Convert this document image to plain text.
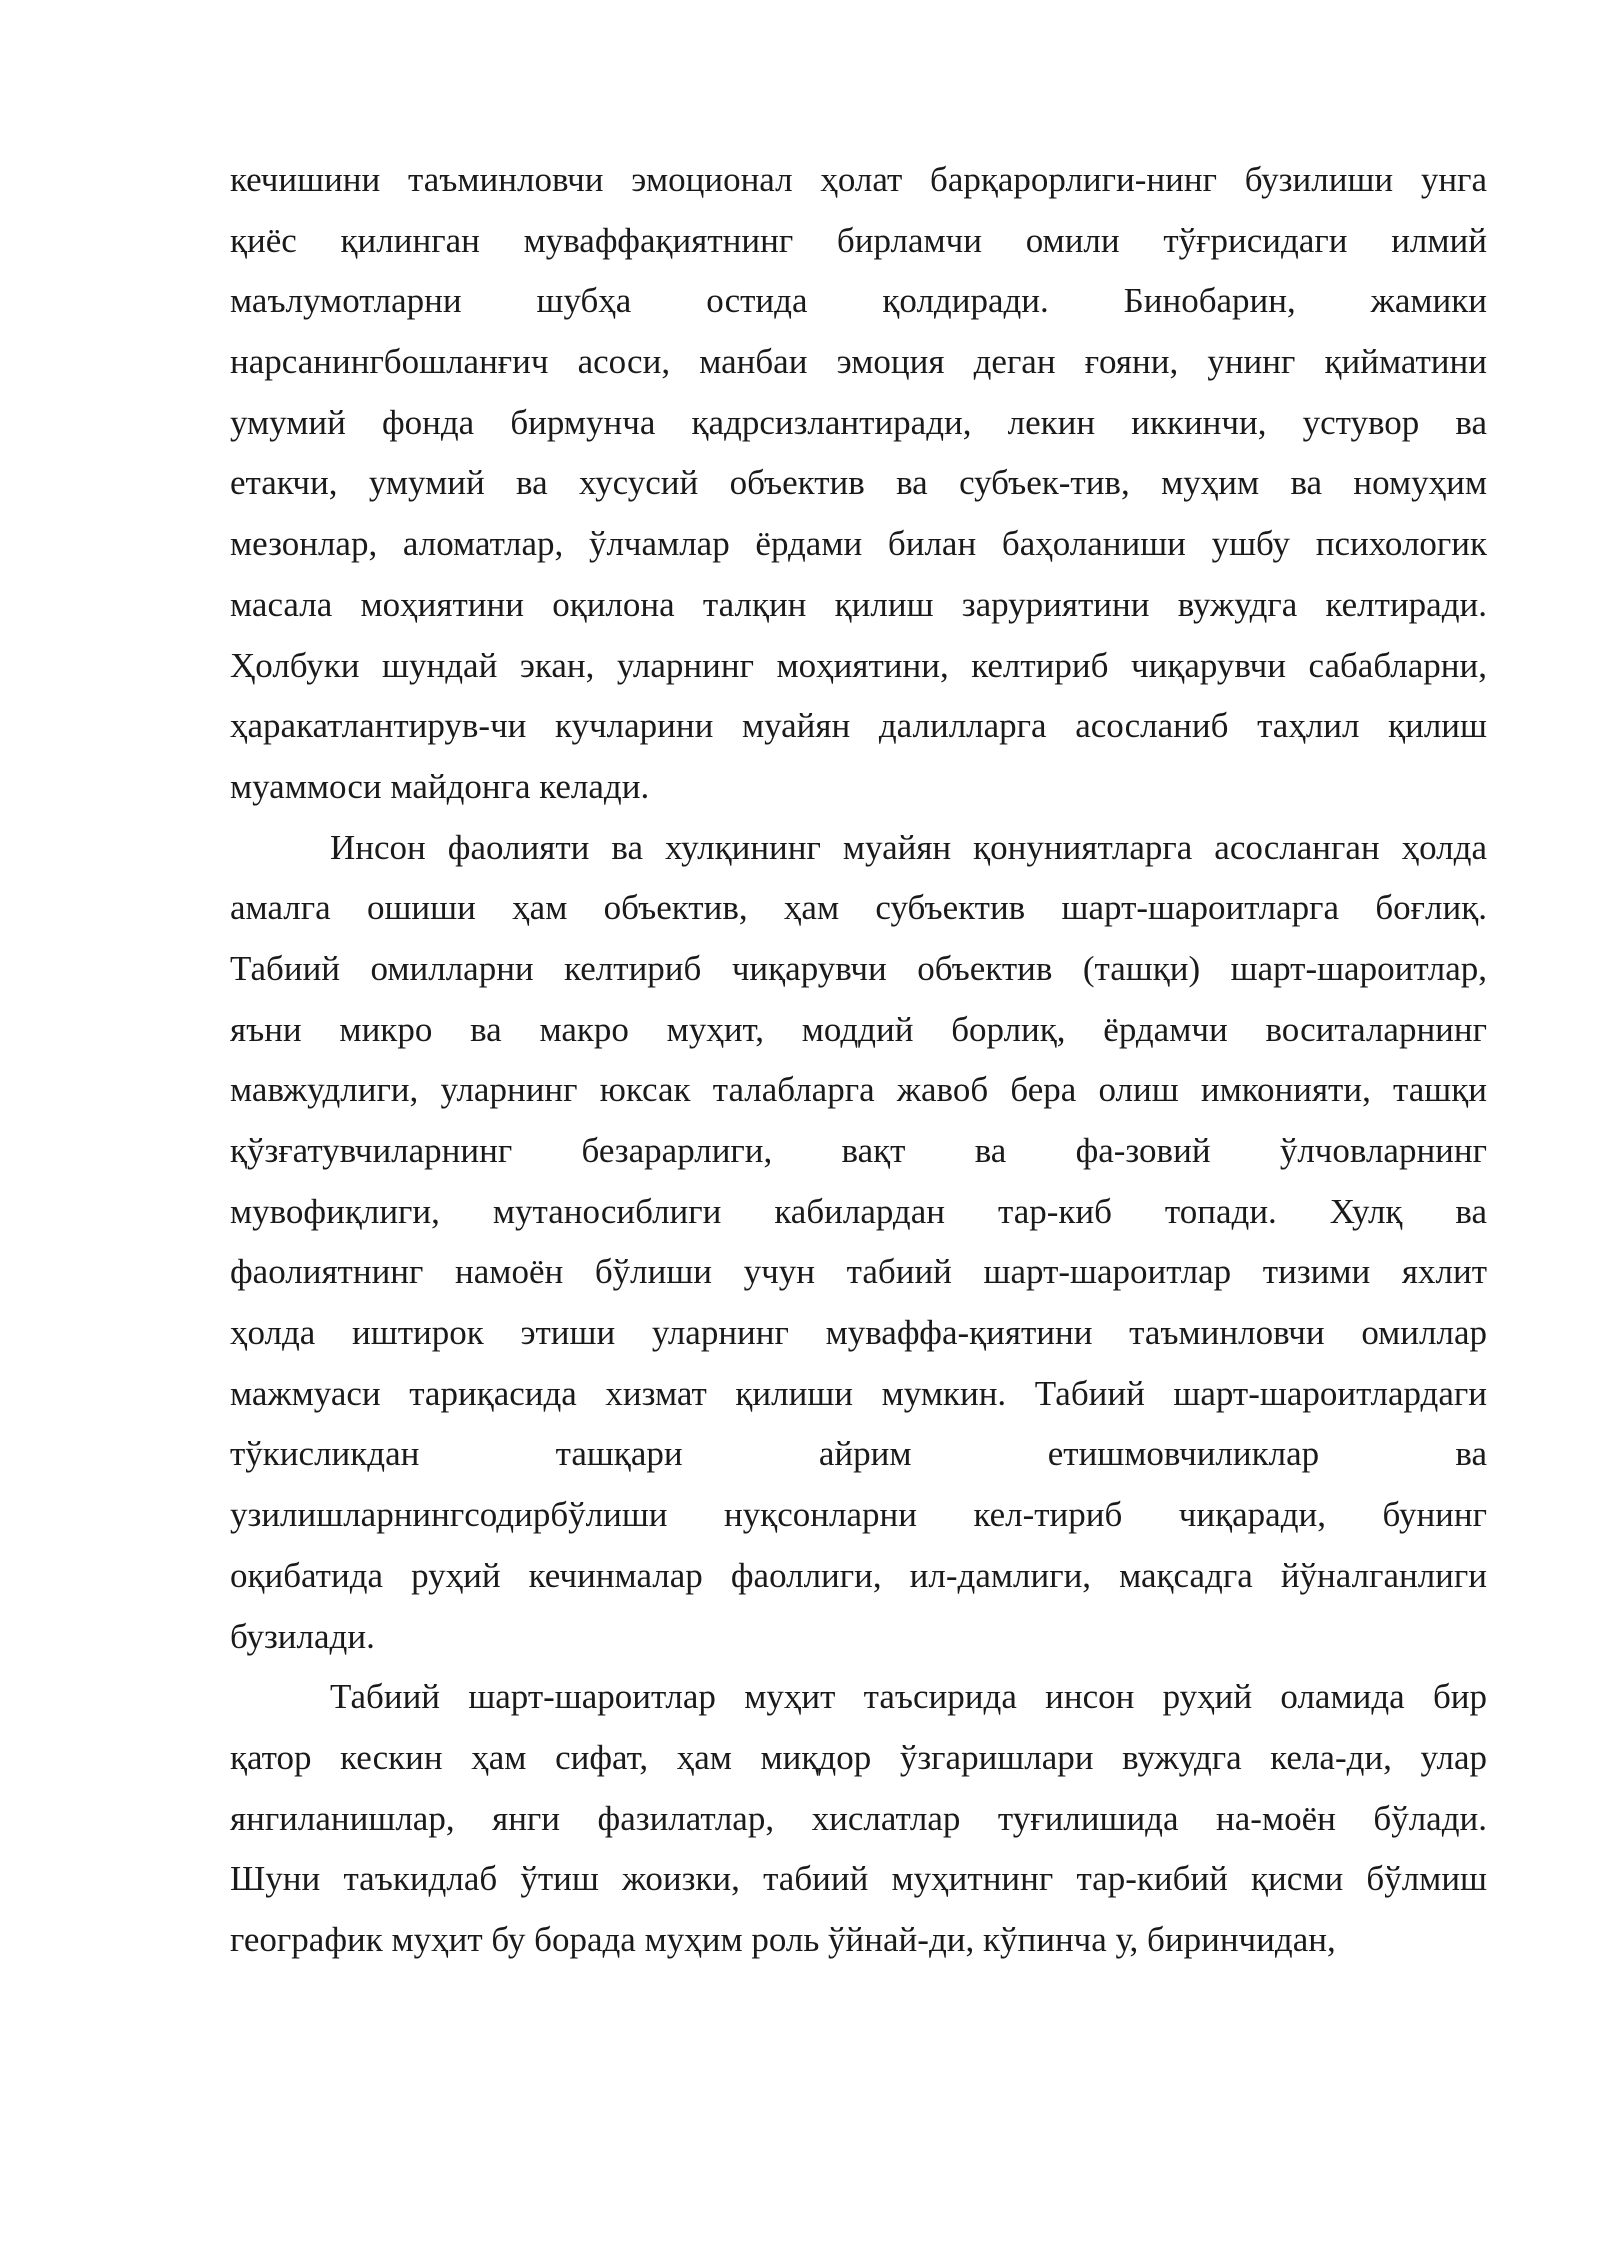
кечишини таъминловчи эмоционал ҳолат барқарорлиги-нинг бузилиши унга
қиёс қилинган муваффақиятнинг бирламчи омили тўғрисидаги илмий
маълумотларни шубҳа остида қолдиради. Бинобарин, жамики
нарсанингбошланғич асоси, манбаи эмоция деган ғояни, унинг қийматини
умумий фонда бирмунча қадрсизлантиради, лекин иккинчи, устувор ва
етакчи, умумий ва хусусий объектив ва субъек-тив, муҳим ва номуҳим
мезонлар, аломатлар, ўлчамлар ёрдами билан баҳоланиши ушбу психологик
масала моҳиятини оқилона талқин қилиш заруриятини вужудга келтиради.
Ҳолбуки шундай экан, уларнинг моҳиятини, келтириб чиқарувчи сабабларни,
ҳаракатлантирув-чи кучларини муайян далилларга асосланиб таҳлил қилиш
муаммоси майдонга келади.
Инсон фаолияти ва хулқининг муайян қонуниятларга асосланган ҳолда
амалга ошиши ҳам объектив, ҳам субъектив шарт-шароитларга боғлиқ.
Табиий омилларни келтириб чиқарувчи объектив (ташқи) шарт-шароитлар,
яъни микро ва макро муҳит, моддий борлиқ, ёрдамчи воситаларнинг
мавжудлиги, уларнинг юксак талабларга жавоб бера олиш имконияти, ташқи
қўзғатувчиларнинг безарарлиги, вақт ва фа-зовий ўлчовларнинг
мувофиқлиги, мутаносиблиги кабилардан тар-киб топади. Хулқ ва
фаолиятнинг намоён бўлиши учун табиий шарт-шароитлар тизими яхлит
ҳолда иштирок этиши уларнинг муваффа-қиятини таъминловчи омиллар
мажмуаси тариқасида хизмат қилиши мумкин. Табиий шарт-шароитлардаги
тўкисликдан ташқари айрим етишмовчиликлар ва
узилишларнингсодирбўлиши нуқсонларни кел-тириб чиқаради, бунинг
оқибатида руҳий кечинмалар фаоллиги, ил-дамлиги, мақсадга йўналганлиги
бузилади.
Табиий шарт-шароитлар муҳит таъсирида инсон руҳий оламида бир
қатор кескин ҳам сифат, ҳам миқдор ўзгаришлари вужудга кела-ди, улар
янгиланишлар, янги фазилатлар, хислатлар туғилишида на-моён бўлади.
Шуни таъкидлаб ўтиш жоизки, табиий муҳитнинг тар-кибий қисми бўлмиш
географик муҳит бу борада муҳим роль ўйнай-ди, кўпинча у, биринчидан,
